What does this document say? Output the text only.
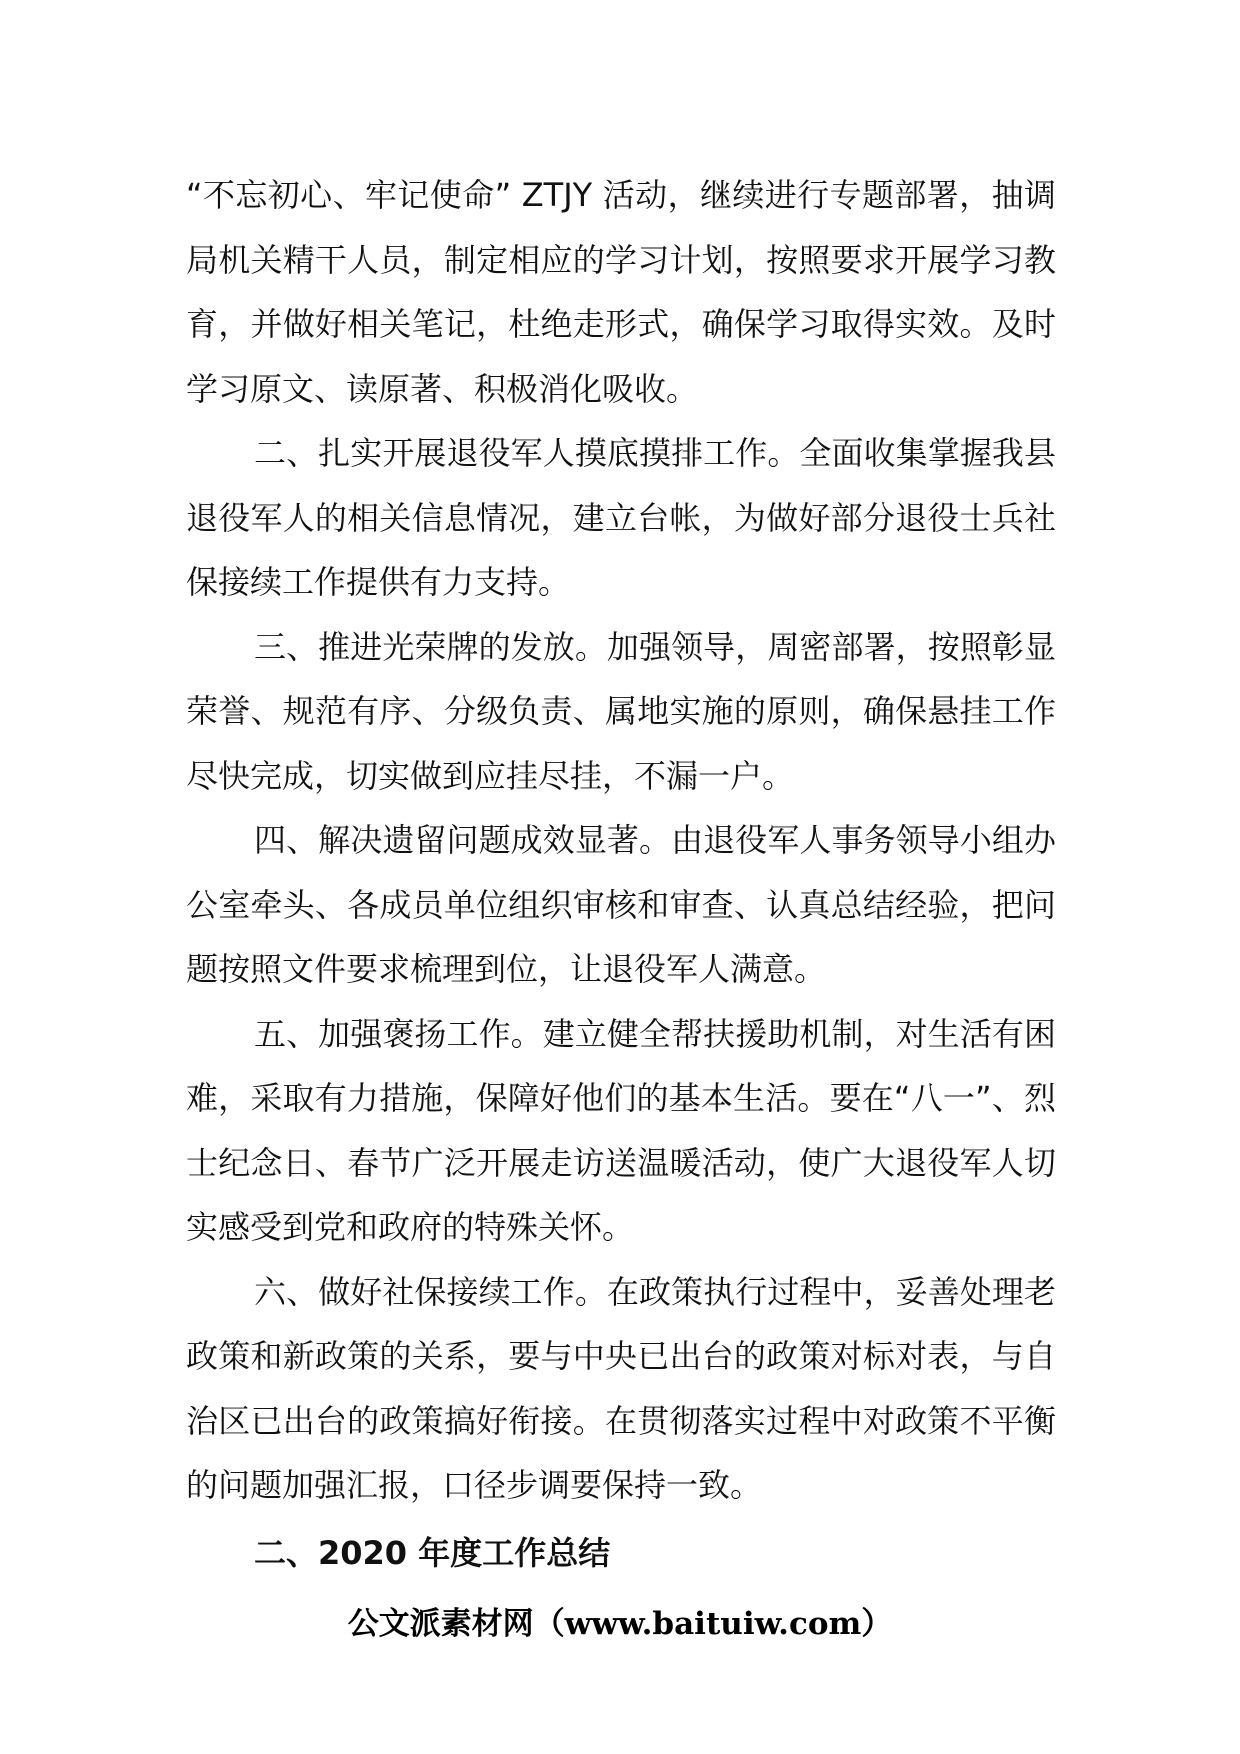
“不忘初心、牢记使命” ZTJY 活动，继续进行专题部署，抽调局机关精干人员，制定相应的学习计划，按照要求开展学习教育，并做好相关笔记，杜绝走形式，确保学习取得实效。及时学习原文、读原著、积极消化吸收。

二、扎实开展退役军人摸底摸排工作。全面收集掌握我县退役军人的相关信息情况，建立台帐，为做好部分退役士兵社保接续工作提供有力支持。

三、推进光荣牌的发放。加强领导，周密部署，按照彰显荣誉、规范有序、分级负责、属地实施的原则，确保悬挂工作尽快完成，切实做到应挂尽挂，不漏一户。

四、解决遗留问题成效显著。由退役军人事务领导小组办公室牵头、各成员单位组织审核和审查、认真总结经验，把问题按照文件要求梳理到位，让退役军人满意。

五、加强褒扬工作。建立健全帮扶援助机制，对生活有困难，采取有力措施，保障好他们的基本生活。要在“八一”、烈士纪念日、春节广泛开展走访送温暖活动，使广大退役军人切实感受到党和政府的特殊关怀。

六、做好社保接续工作。在政策执行过程中，妥善处理老政策和新政策的关系，要与中央已出台的政策对标对表，与自治区已出台的政策搞好衔接。在贯彻落实过程中对政策不平衡的问题加强汇报，口径步调要保持一致。

二、2020 年度工作总结
公文派素材网（www.baituiw.com）
